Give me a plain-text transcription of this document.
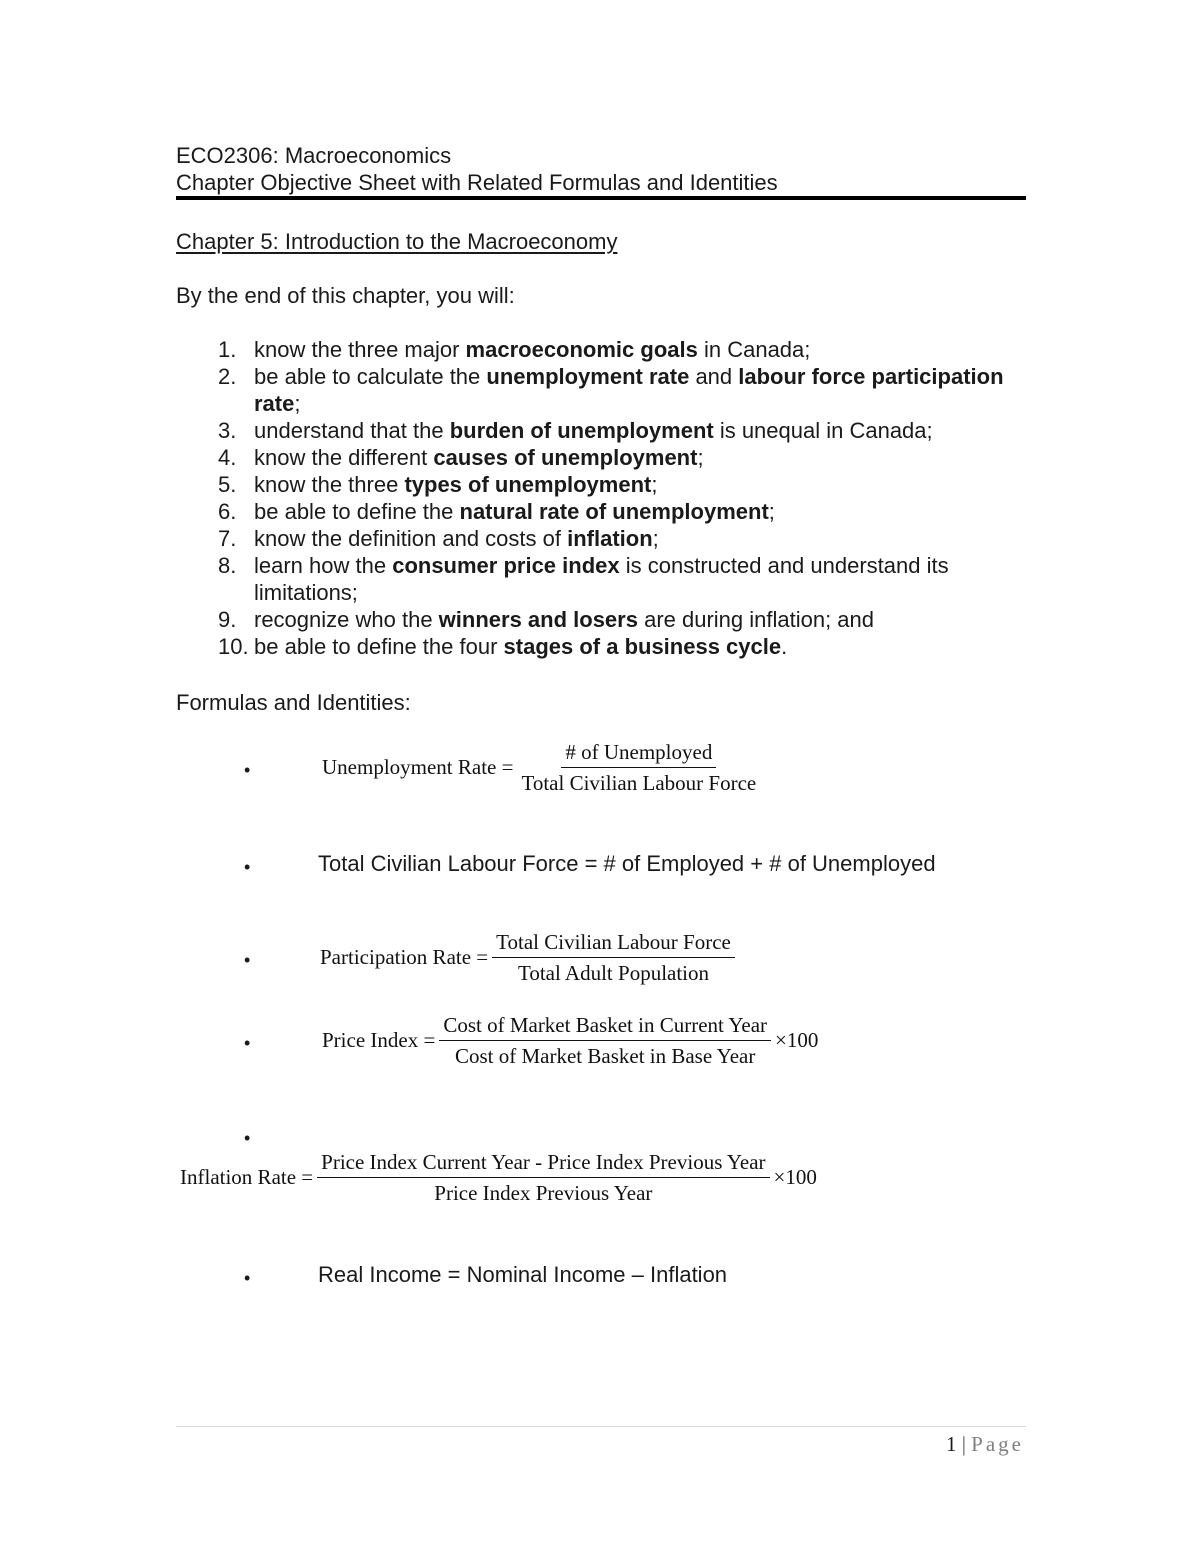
ECO2306: Macroeconomics
Chapter Objective Sheet with Related Formulas and Identities
Chapter 5: Introduction to the Macroeconomy
By the end of this chapter, you will:
1. know the three major macroeconomic goals in Canada;
2. be able to calculate the unemployment rate and labour force participation rate;
3. understand that the burden of unemployment is unequal in Canada;
4. know the different causes of unemployment;
5. know the three types of unemployment;
6. be able to define the natural rate of unemployment;
7. know the definition and costs of inflation;
8. learn how the consumer price index is constructed and understand its limitations;
9. recognize who the winners and losers are during inflation; and
10. be able to define the four stages of a business cycle.
Formulas and Identities:
•	Unemployment Rate = $\frac{\text{\# of Unemployed}}{\text{Total Civilian Labour Force}}$
•	Total Civilian Labour Force = # of Employed + # of Unemployed
•	Participation Rate = $\frac{\text{Total Civilian Labour Force}}{\text{Total Adult Population}}$
•	Price Index = $\frac{\text{Cost of Market Basket in Current Year}}{\text{Cost of Market Basket in Base Year}} \times 100$
•
Inflation Rate = $\frac{\text{Price Index Current Year - Price Index Previous Year}}{\text{Price Index Previous Year}} \times 100$
•	Real Income = Nominal Income – Inflation
1 | Page
